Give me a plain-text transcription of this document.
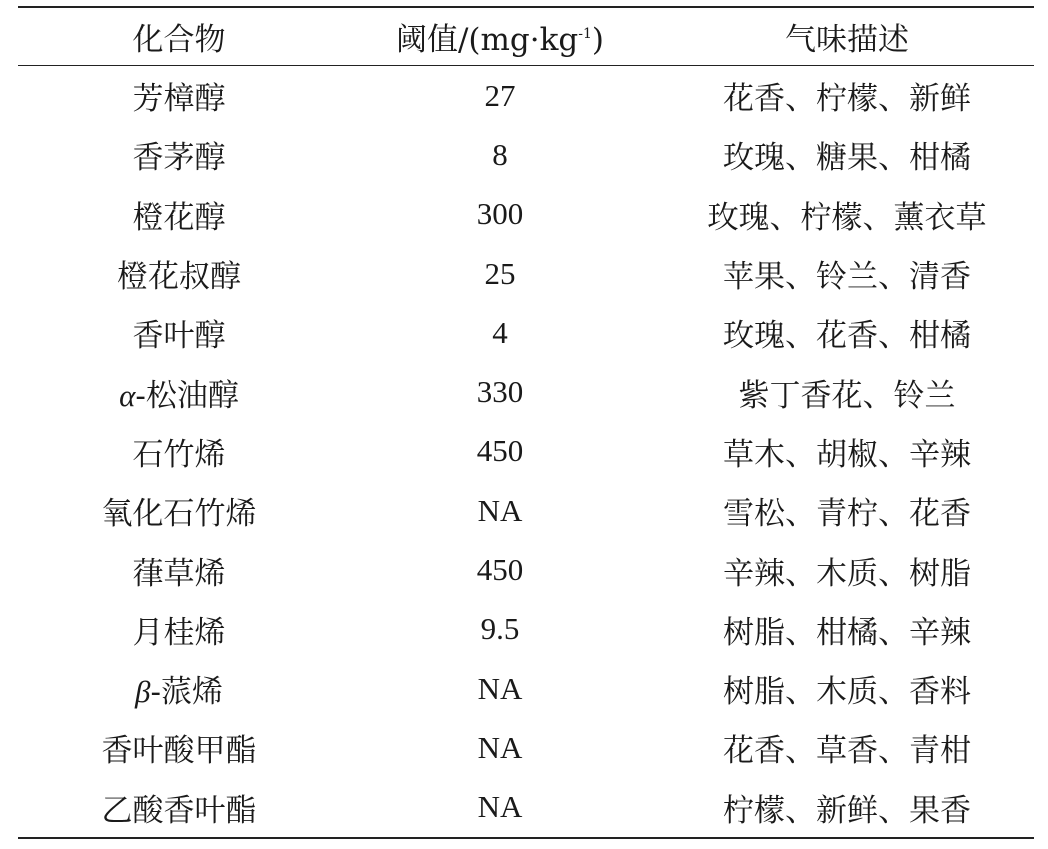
化合物	阈值$/(mg\cdot kg^{-1})$	气味描述
芳樟醇	27	花香、柠檬、新鲜
香茅醇	8	玫瑰、糖果、柑橘
橙花醇	300	玫瑰、柠檬、薰衣草
橙花叔醇	25	苹果、铃兰、清香
香叶醇	4	玫瑰、花香、柑橘
α-松油醇	330	紫丁香花、铃兰
石竹烯	450	草木、胡椒、辛辣
氧化石竹烯	NA	雪松、青柠、花香
葎草烯	450	辛辣、木质、树脂
月桂烯	9.5	树脂、柑橘、辛辣
β-蒎烯	NA	树脂、木质、香料
香叶酸甲酯	NA	花香、草香、青柑
乙酸香叶酯	NA	柠檬、新鲜、果香
